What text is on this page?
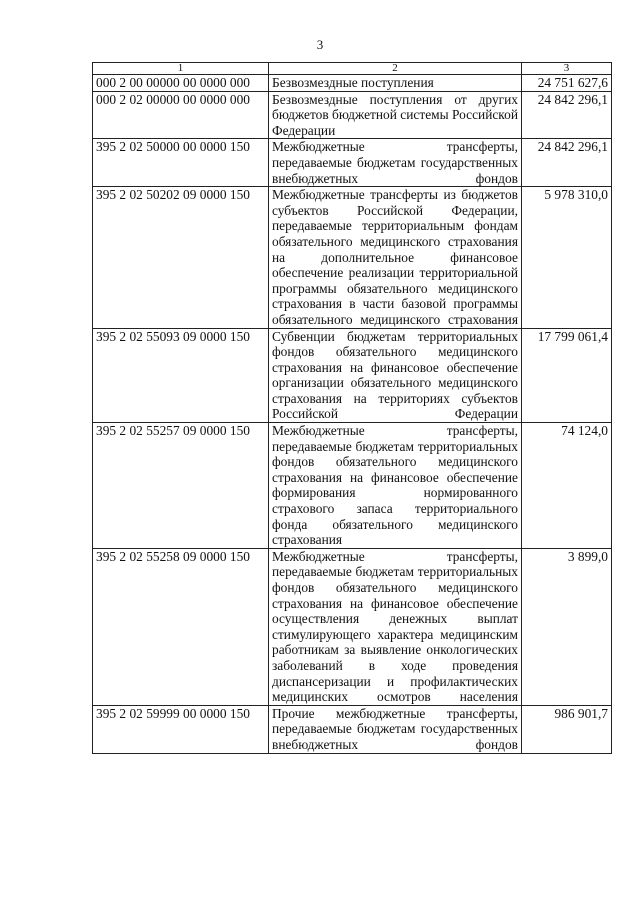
3
1	2	3
000 2 00 00000 00 0000 000	Безвозмездные поступления	24 751 627,6
000 2 02 00000 00 0000 000	Безвозмездные поступления от других бюджетов бюджетной системы Российской Федерации	24 842 296,1
395 2 02 50000 00 0000 150	Межбюджетные трансферты, передаваемые бюджетам государственных внебюджетных фондов	24 842 296,1
395 2 02 50202 09 0000 150	Межбюджетные трансферты из бюджетов субъектов Российской Федерации, передаваемые территориальным фондам обязательного медицинского страхования на дополнительное финансовое обеспечение реализации территориальной программы обязательного медицинского страхования в части базовой программы обязательного медицинского страхования	5 978 310,0
395 2 02 55093 09 0000 150	Субвенции бюджетам территориальных фондов обязательного медицинского страхования на финансовое обеспечение организации обязательного медицинского страхования на территориях субъектов Российской Федерации	17 799 061,4
395 2 02 55257 09 0000 150	Межбюджетные трансферты, передаваемые бюджетам территориальных фондов обязательного медицинского страхования на финансовое обеспечение формирования нормированного страхового запаса территориального фонда обязательного медицинского страхования	74 124,0
395 2 02 55258 09 0000 150	Межбюджетные трансферты, передаваемые бюджетам территориальных фондов обязательного медицинского страхования на финансовое обеспечение осуществления денежных выплат стимулирующего характера медицинским работникам за выявление онкологических заболеваний в ходе проведения диспансеризации и профилактических медицинских осмотров населения	3 899,0
395 2 02 59999 00 0000 150	Прочие межбюджетные трансферты, передаваемые бюджетам государственных внебюджетных фондов	986 901,7
